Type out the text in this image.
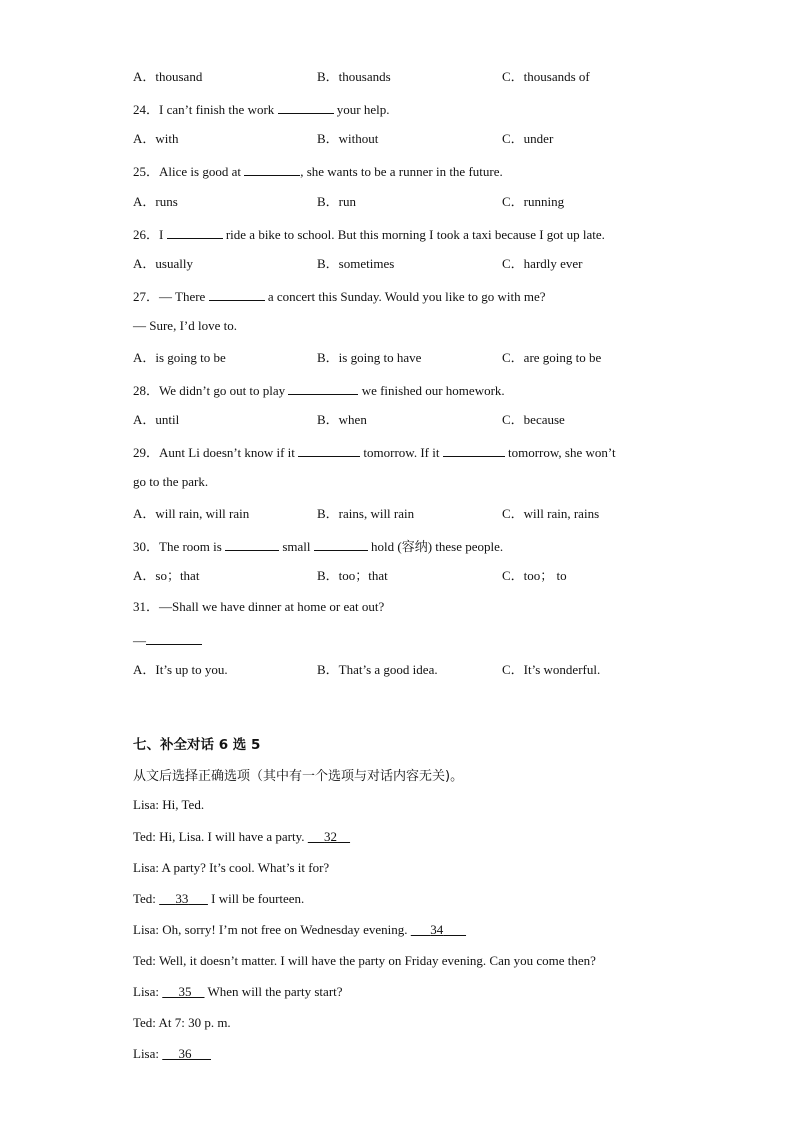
A．thousand	B．thousands	C．thousands of
24．I can’t finish the work	your help.
A．with	B．without	C．under
25．Alice is good at	, she wants to be a runner in the future.
A．runs	B．run	C．running
26．I	ride a bike to school. But this morning I took a taxi because I got up late.
A．usually	B．sometimes	C．hardly ever
27．— There	a concert this Sunday. Would you like to go with me?
— Sure, I’d love to.
A．is going to be	B．is going to have	C．are going to be
28．We didn’t go out to play	we finished our homework.
A．until	B．when	C．because
29．Aunt Li doesn’t know if it	tomorrow. If it	tomorrow, she won’t
go to the park.
A．will rain, will rain	B．rains, will rain	C．will rain, rains
30．The room is	small	hold (容纳) these people.
A．so；that	B．too；that	C．too； to
31．—Shall we have dinner at home or eat out?
—
A．It’s up to you.	B．That’s a good idea.	C．It’s wonderful.
七、补全对话 6 选 5
从文后选择正确选项（其中有一个选项与对话内容无关)。
Lisa: Hi, Ted.
Ted: Hi, Lisa. I will have a party.      32
Lisa: A party? It’s cool. What’s it for?
Ted:      33       I will be fourteen.
Lisa: Oh, sorry! I’m not free on Wednesday evening.       34
Ted: Well, it doesn’t matter. I will have the party on Friday evening. Can you come then?
Lisa:      35     When will the party start?
Ted: At 7: 30 p. m.
Lisa:      36
